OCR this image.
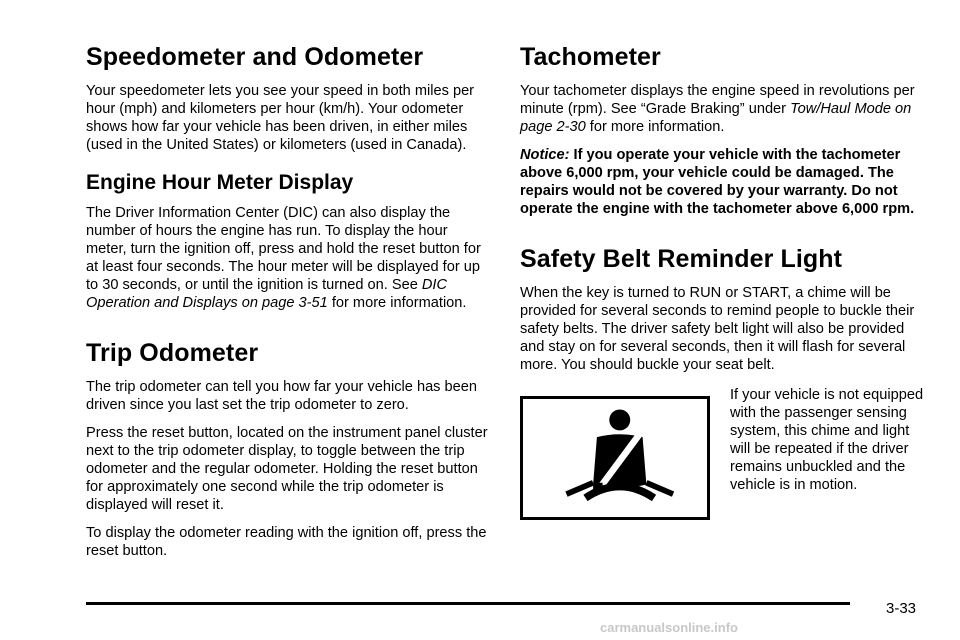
Speedometer and Odometer

Your speedometer lets you see your speed in both miles per hour (mph) and kilometers per hour (km/h). Your odometer shows how far your vehicle has been driven, in either miles (used in the United States) or kilometers (used in Canada).

Engine Hour Meter Display

The Driver Information Center (DIC) can also display the number of hours the engine has run. To display the hour meter, turn the ignition off, press and hold the reset button for at least four seconds. The hour meter will be displayed for up to 30 seconds, or until the ignition is turned on. See DIC Operation and Displays on page 3-51 for more information.

Trip Odometer

The trip odometer can tell you how far your vehicle has been driven since you last set the trip odometer to zero.

Press the reset button, located on the instrument panel cluster next to the trip odometer display, to toggle between the trip odometer and the regular odometer. Holding the reset button for approximately one second while the trip odometer is displayed will reset it.

To display the odometer reading with the ignition off, press the reset button.

Tachometer

Your tachometer displays the engine speed in revolutions per minute (rpm). See “Grade Braking” under Tow/Haul Mode on page 2-30 for more information.

Notice: If you operate your vehicle with the tachometer above 6,000 rpm, your vehicle could be damaged. The repairs would not be covered by your warranty. Do not operate the engine with the tachometer above 6,000 rpm.

Safety Belt Reminder Light

When the key is turned to RUN or START, a chime will be provided for several seconds to remind people to buckle their safety belts. The driver safety belt light will also be provided and stay on for several seconds, then it will flash for several more. You should buckle your seat belt.

If your vehicle is not equipped with the passenger sensing system, this chime and light will be repeated if the driver remains unbuckled and the vehicle is in motion.
3-33
carmanualsonline.info
